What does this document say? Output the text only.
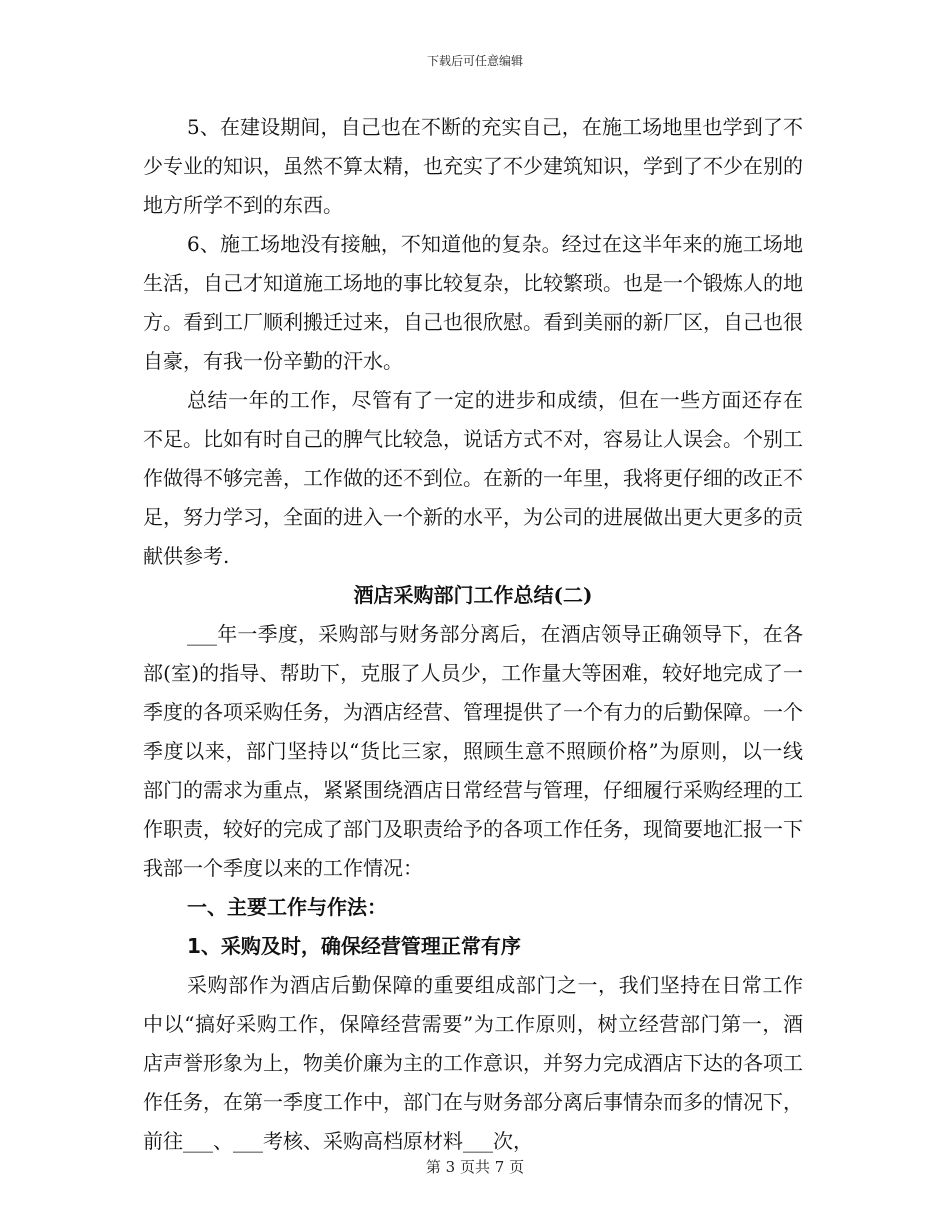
下载后可任意编辑

5、在建设期间，自己也在不断的充实自己，在施工场地里也学到了不少专业的知识，虽然不算太精，也充实了不少建筑知识，学到了不少在别的地方所学不到的东西。

6、施工场地没有接触，不知道他的复杂。经过在这半年来的施工场地生活，自己才知道施工场地的事比较复杂，比较繁琐。也是一个锻炼人的地方。看到工厂顺利搬迁过来，自己也很欣慰。看到美丽的新厂区，自己也很自豪，有我一份辛勤的汗水。

总结一年的工作，尽管有了一定的进步和成绩，但在一些方面还存在不足。比如有时自己的脾气比较急，说话方式不对，容易让人误会。个别工作做得不够完善，工作做的还不到位。在新的一年里，我将更仔细的改正不足，努力学习，全面的进入一个新的水平，为公司的进展做出更大更多的贡献供参考.

酒店采购部门工作总结(二)

___年一季度，采购部与财务部分离后，在酒店领导正确领导下，在各部(室)的指导、帮助下，克服了人员少，工作量大等困难，较好地完成了一季度的各项采购任务，为酒店经营、管理提供了一个有力的后勤保障。一个季度以来，部门坚持以“货比三家，照顾生意不照顾价格”为原则，以一线部门的需求为重点，紧紧围绕酒店日常经营与管理，仔细履行采购经理的工作职责，较好的完成了部门及职责给予的各项工作任务，现简要地汇报一下我部一个季度以来的工作情况：

一、主要工作与作法：

1、采购及时，确保经营管理正常有序

采购部作为酒店后勤保障的重要组成部门之一，我们坚持在日常工作中以“搞好采购工作，保障经营需要”为工作原则，树立经营部门第一，酒店声誉形象为上，物美价廉为主的工作意识，并努力完成酒店下达的各项工作任务，在第一季度工作中，部门在与财务部分离后事情杂而多的情况下，前往___、___考核、采购高档原材料___次，

第 3 页共 7 页
